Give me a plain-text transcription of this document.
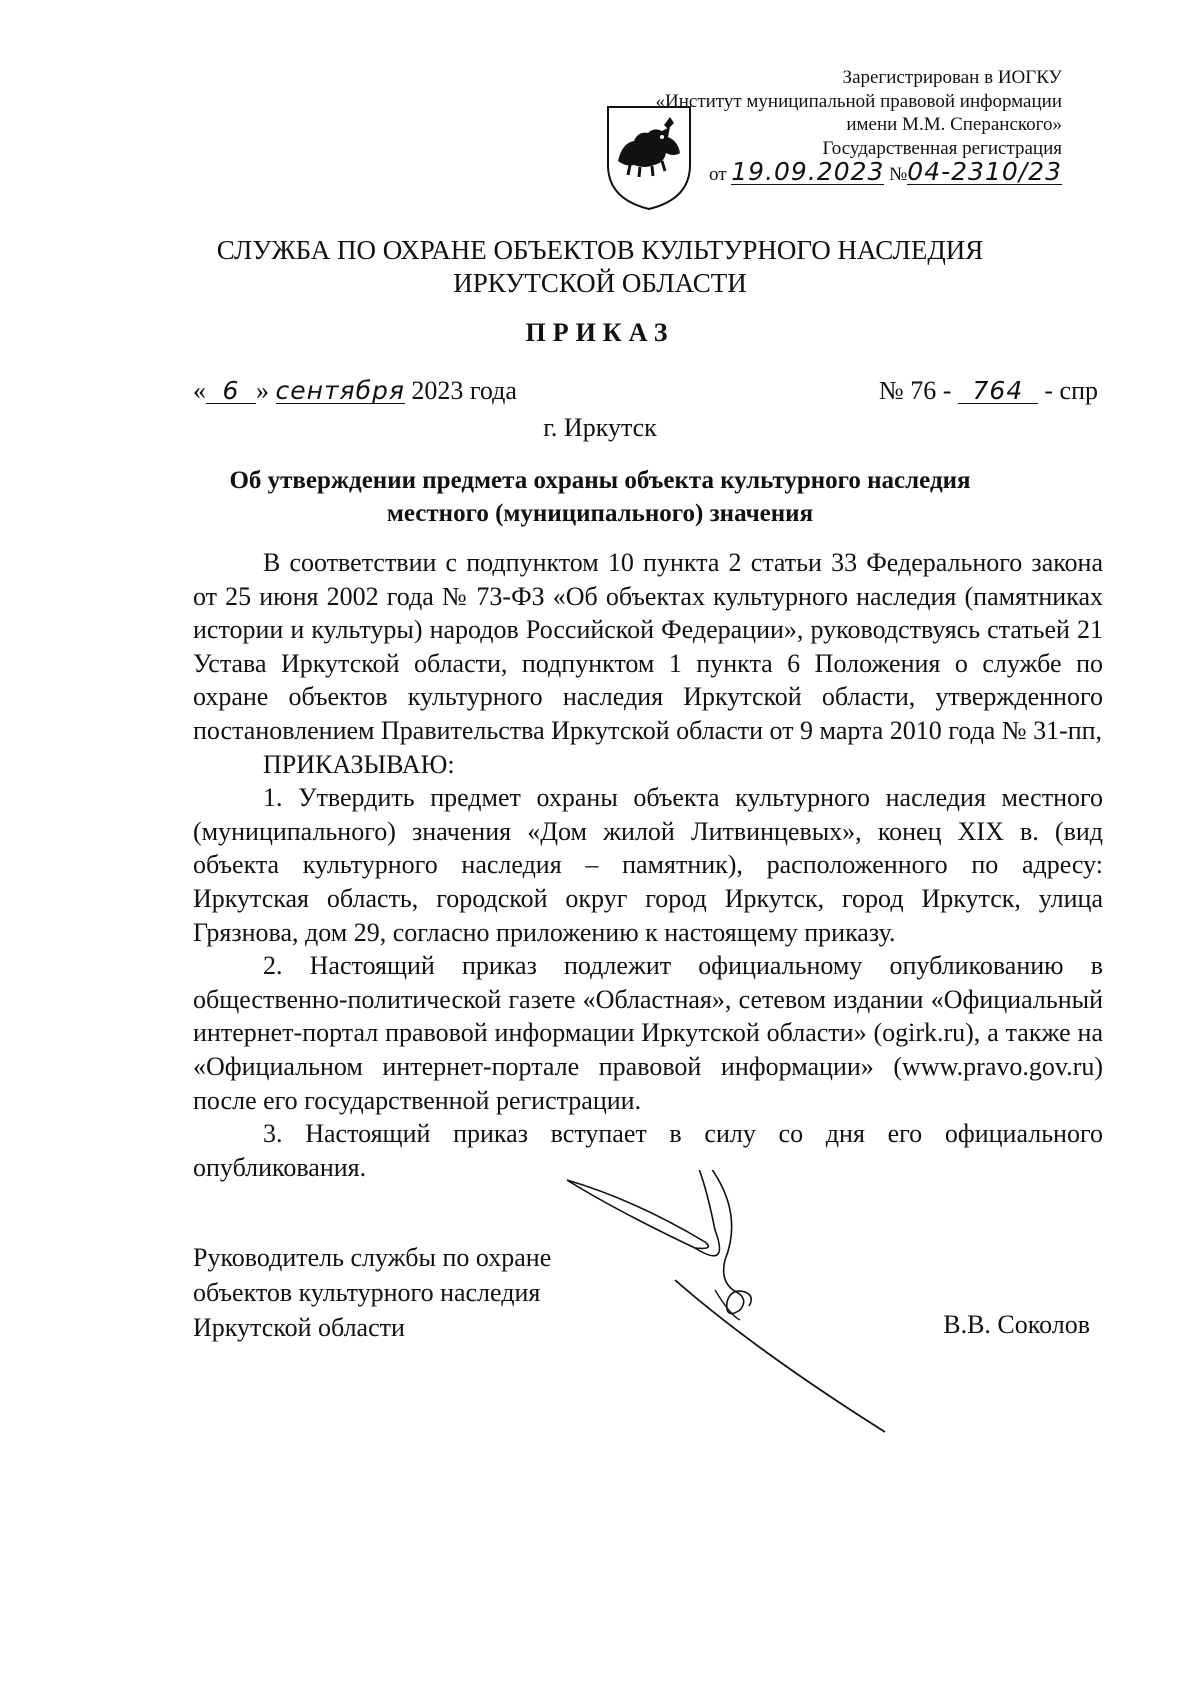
Зарегистрирован в ИОГКУ
«Институт муниципальной правовой информации
имени М.М. Сперанского»
Государственная регистрация
от 19.09.2023 №04-2310/23
СЛУЖБА ПО ОХРАНЕ ОБЪЕКТОВ КУЛЬТУРНОГО НАСЛЕДИЯ
ИРКУТСКОЙ ОБЛАСТИ
ПРИКАЗ
« 6 » сентября 2023 года	№ 76 - 764 - спр
г. Иркутск
Об утверждении предмета охраны объекта культурного наследия
местного (муниципального) значения

В соответствии с подпунктом 10 пункта 2 статьи 33 Федерального закона от 25 июня 2002 года № 73-ФЗ «Об объектах культурного наследия (памятниках истории и культуры) народов Российской Федерации», руководствуясь статьей 21 Устава Иркутской области, подпунктом 1 пункта 6 Положения о службе по охране объектов культурного наследия Иркутской области, утвержденного постановлением Правительства Иркутской области от 9 марта 2010 года № 31-пп,

ПРИКАЗЫВАЮ:

1. Утвердить предмет охраны объекта культурного наследия местного (муниципального) значения «Дом жилой Литвинцевых», конец XIX в. (вид объекта культурного наследия – памятник), расположенного по адресу: Иркутская область, городской округ город Иркутск, город Иркутск, улица Грязнова, дом 29, согласно приложению к настоящему приказу.

2. Настоящий приказ подлежит официальному опубликованию в общественно-политической газете «Областная», сетевом издании «Официальный интернет-портал правовой информации Иркутской области» (ogirk.ru), а также на «Официальном интернет-портале правовой информации» (www.pravo.gov.ru) после его государственной регистрации.

3. Настоящий приказ вступает в силу со дня его официального опубликования.

Руководитель службы по охране
объектов культурного наследия
Иркутской области	В.В. Соколов
